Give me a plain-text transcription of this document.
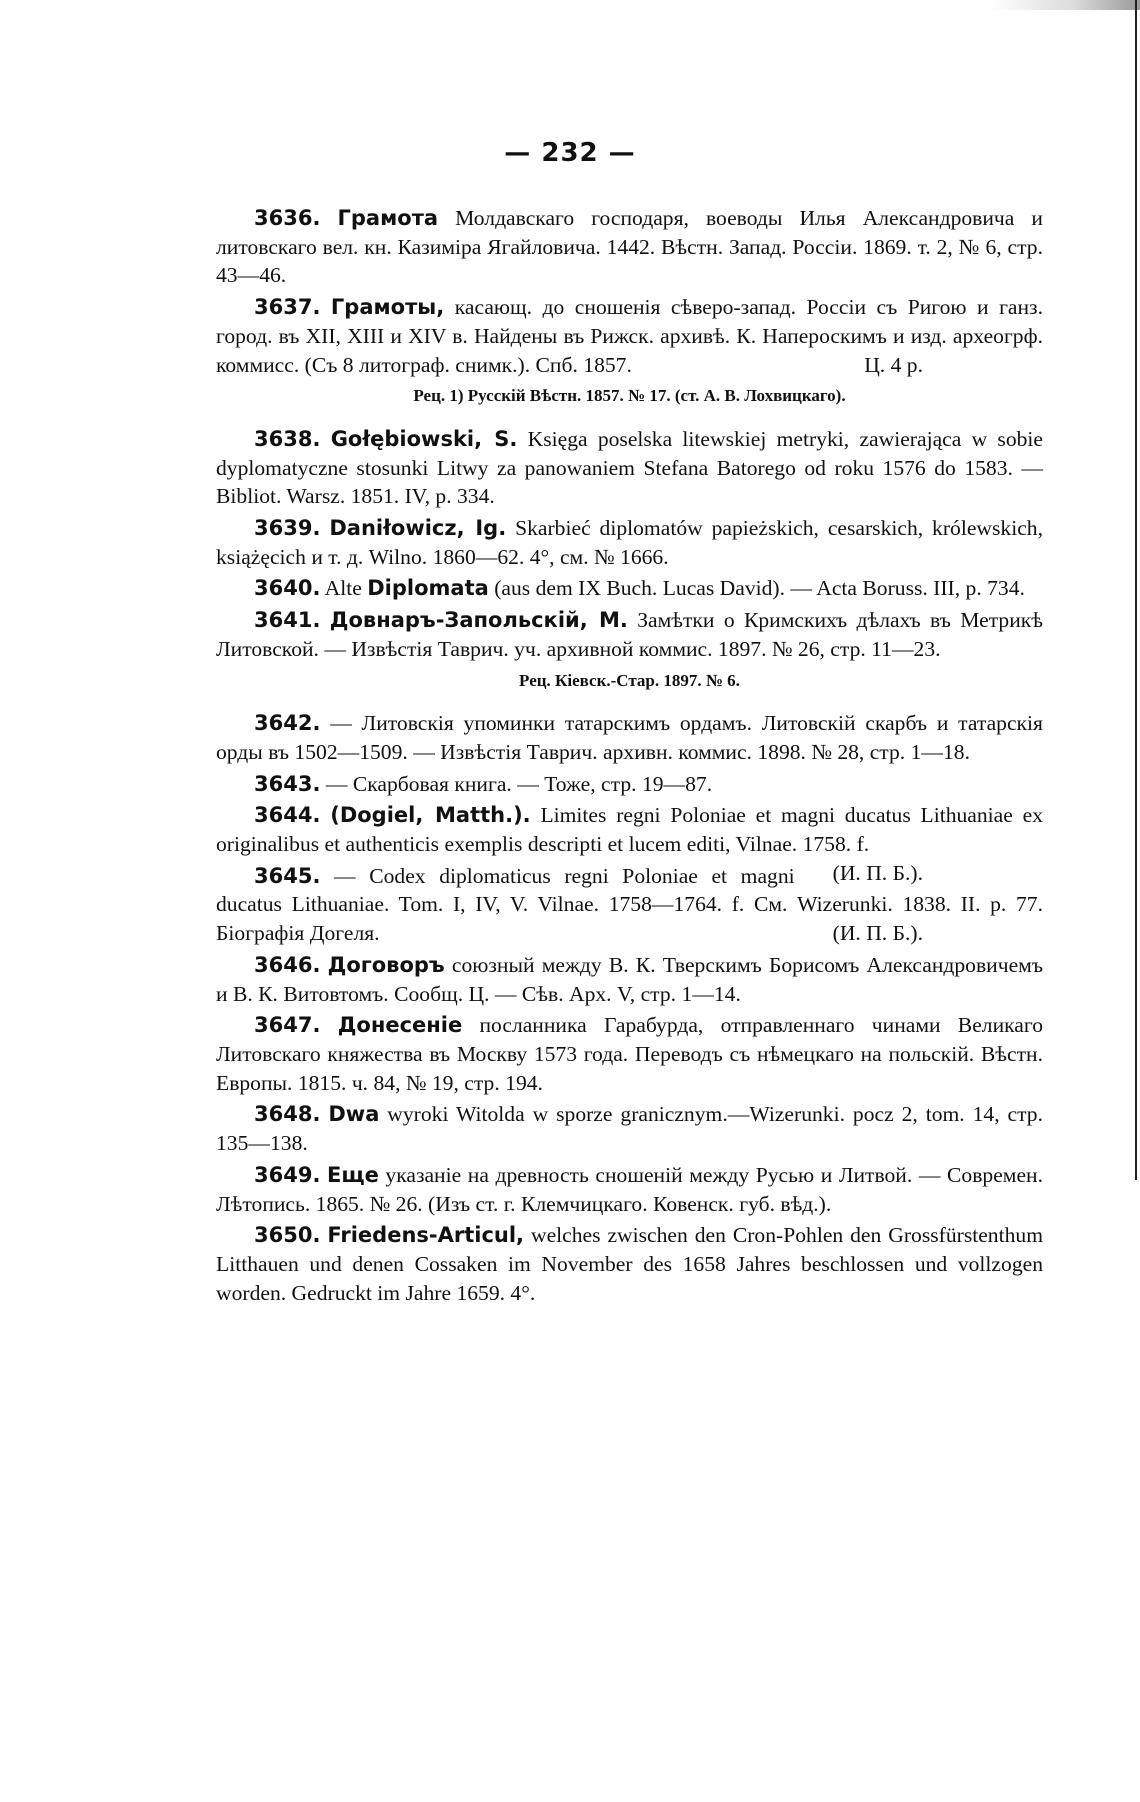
— 232 —

3636. Грамота Молдавскаго господаря, воеводы Илья Александровича и литовскаго вел. кн. Казиміра Ягайловича. 1442. Вѣстн. Запад. Россіи. 1869. т. 2, № 6, стр. 43—46.

3637. Грамоты, касающ. до сношенія сѣверо-запад. Россіи съ Ригою и ганз. город. въ XII, XIII и XIV в. Найдены въ Рижск. архивѣ. К. Напероскимъ и изд. археогрф. коммисс. (Съ 8 литограф. снимк.). Спб. 1857.	Ц. 4 р.

Рец. 1) Русскій Вѣстн. 1857. № 17. (ст. А. В. Лохвицкаго).

3638. Gołębiowski, S. Księga poselska litewskiej metryki, zawierająca w sobie dyplomatyczne stosunki Litwy za panowaniem Stefana Batorego od roku 1576 do 1583. — Bibliot. Warsz. 1851. IV, p. 334.

3639. Daniłowicz, Ig. Skarbieć diplomatów papieżskich, cesarskich, królewskich, książęcich и т. д. Wilno. 1860—62. 4°, см. № 1666.

3640. Alte Diplomata (aus dem IX Buch. Lucas David). — Acta Boruss. III, p. 734.

3641. Довнаръ-Запольскій, М. Замѣтки о Кримскихъ дѣлахъ въ Метрикѣ Литовской. — Извѣстія Таврич. уч. архивной коммис. 1897. № 26, стр. 11—23.

Рец. Кіевск.-Стар. 1897. № 6.

3642. — Литовскія упоминки татарскимъ ордамъ. Литовскій скарбъ и татарскія орды въ 1502—1509. — Извѣстія Таврич. архивн. коммис. 1898. № 28, стр. 1—18.

3643. — Скарбовая книга. — Тоже, стр. 19—87.

3644. (Dogiel, Matth.). Limites regni Poloniae et magni ducatus Lithuaniae ex originalibus et authenticis exemplis descripti et lucem editi, Vilnae. 1758. f.
(И. П. Б.).

3645. — Codex diplomaticus regni Poloniae et magni ducatus Lithuaniae. Tom. I, IV, V. Vilnae. 1758—1764. f. См. Wizerunki. 1838. II. p. 77. Біографія Догеля.	(И. П. Б.).

3646. Договоръ союзный между В. К. Тверскимъ Борисомъ Александровичемъ и В. К. Витовтомъ. Сообщ. Ц. — Сѣв. Арх. V, стр. 1—14.

3647. Донесеніе посланника Гарабурда, отправленнаго чинами Великаго Литовскаго княжества въ Москву 1573 года. Переводъ съ нѣмецкаго на польскій. Вѣстн. Европы. 1815. ч. 84, № 19, стр. 194.

3648. Dwa wyroki Witolda w sporze granicznym.—Wizerunki. pocz 2, tom. 14, стр. 135—138.

3649. Еще указаніе на древность сношеній между Русью и Литвой. — Современ. Лѣтопись. 1865. № 26. (Изъ ст. г. Клемчицкаго. Ковенск. губ. вѣд.).

3650. Friedens-Articul, welches zwischen den Cron-Pohlen den Grossfürstenthum Litthauen und denen Cossaken im November des 1658 Jahres beschlossen und vollzogen worden. Gedruckt im Jahre 1659. 4°.
